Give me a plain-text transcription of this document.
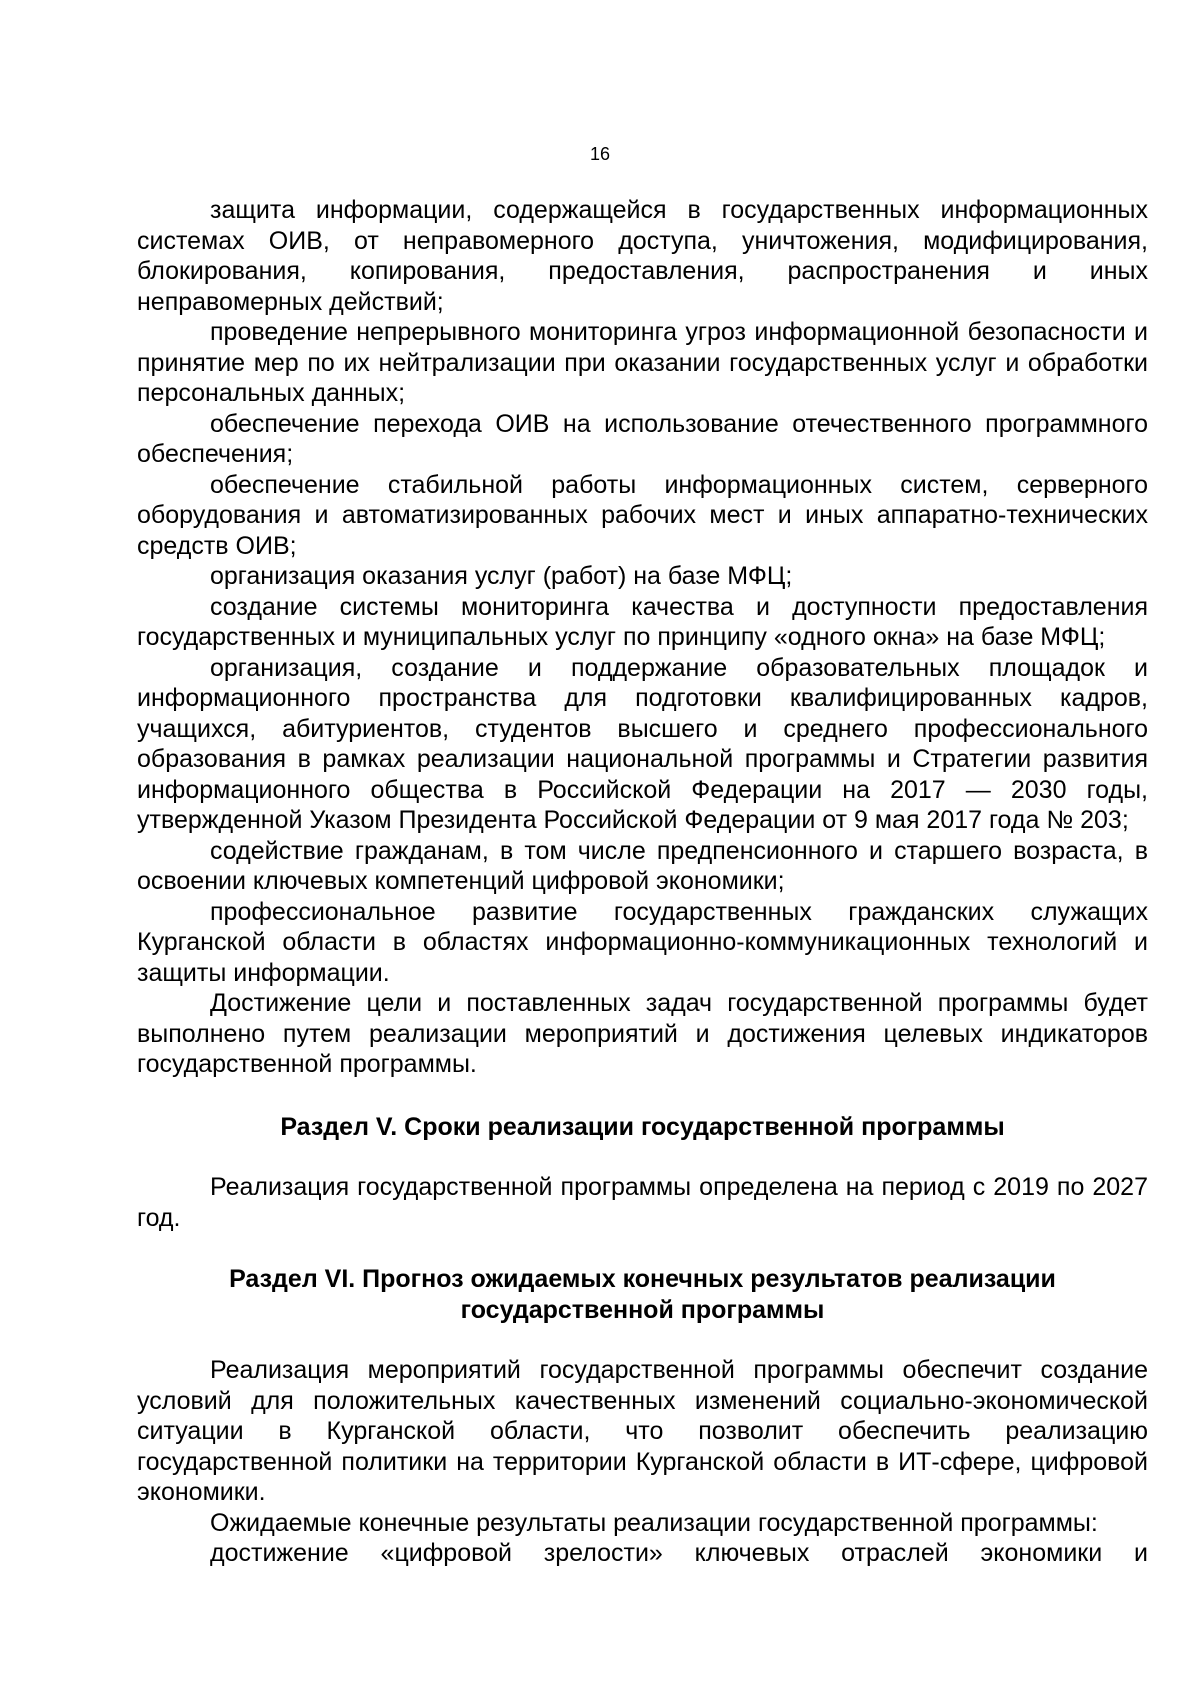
16

защита информации, содержащейся в государственных информационных системах ОИВ, от неправомерного доступа, уничтожения, модифицирования, блокирования, копирования, предоставления, распространения и иных неправомерных действий;

проведение непрерывного мониторинга угроз информационной безопасности и принятие мер по их нейтрализации при оказании государственных услуг и обработки персональных данных;

обеспечение перехода ОИВ на использование отечественного программного обеспечения;

обеспечение стабильной работы информационных систем, серверного оборудования и автоматизированных рабочих мест и иных аппаратно-технических средств ОИВ;

организация оказания услуг (работ) на базе МФЦ;

создание системы мониторинга качества и доступности предоставления государственных и муниципальных услуг по принципу «одного окна» на базе МФЦ;

организация, создание и поддержание образовательных площадок и информационного пространства для подготовки квалифицированных кадров, учащихся, абитуриентов, студентов высшего и среднего профессионального образования в рамках реализации национальной программы и Стратегии развития информационного общества в Российской Федерации на 2017 — 2030 годы, утвержденной Указом Президента Российской Федерации от 9 мая 2017 года № 203;

содействие гражданам, в том числе предпенсионного и старшего возраста, в освоении ключевых компетенций цифровой экономики;

профессиональное развитие государственных гражданских служащих Курганской области в областях информационно-коммуникационных технологий и защиты информации.

Достижение цели и поставленных задач государственной программы будет выполнено путем реализации мероприятий и достижения целевых индикаторов государственной программы.

Раздел V. Сроки реализации государственной программы

Реализация государственной программы определена на период с 2019 по 2027 год.

Раздел VI. Прогноз ожидаемых конечных результатов реализации

государственной программы

Реализация мероприятий государственной программы обеспечит создание условий для положительных качественных изменений социально-экономической ситуации в Курганской области, что позволит обеспечить реализацию государственной политики на территории Курганской области в ИТ-сфере, цифровой экономики.

Ожидаемые конечные результаты реализации государственной программы:

достижение «цифровой зрелости» ключевых отраслей экономики и
